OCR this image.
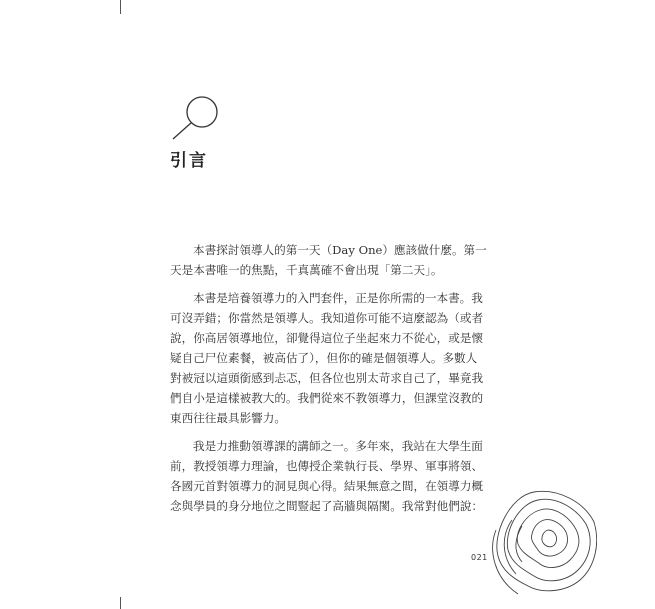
引言

本書探討領導人的第一天（Day One）應該做什麼。第一
天是本書唯一的焦點，千真萬確不會出現「第二天」。

本書是培養領導力的入門套件，正是你所需的一本書。我
可沒弄錯；你當然是領導人。我知道你可能不這麼認為（或者
說，你高居領導地位，卻覺得這位子坐起來力不從心，或是懷
疑自己尸位素餐，被高估了），但你的確是個領導人。多數人
對被冠以這頭銜感到忐忑，但各位也別太苛求自己了，畢竟我
們自小是這樣被教大的。我們從來不教領導力，但課堂沒教的
東西往往最具影響力。

我是力推動領導課的講師之一。多年來，我站在大學生面
前，教授領導力理論，也傳授企業執行長、學界、軍事將領、
各國元首對領導力的洞見與心得。結果無意之間，在領導力概
念與學員的身分地位之間豎起了高牆與隔閡。我常對他們說：

021
